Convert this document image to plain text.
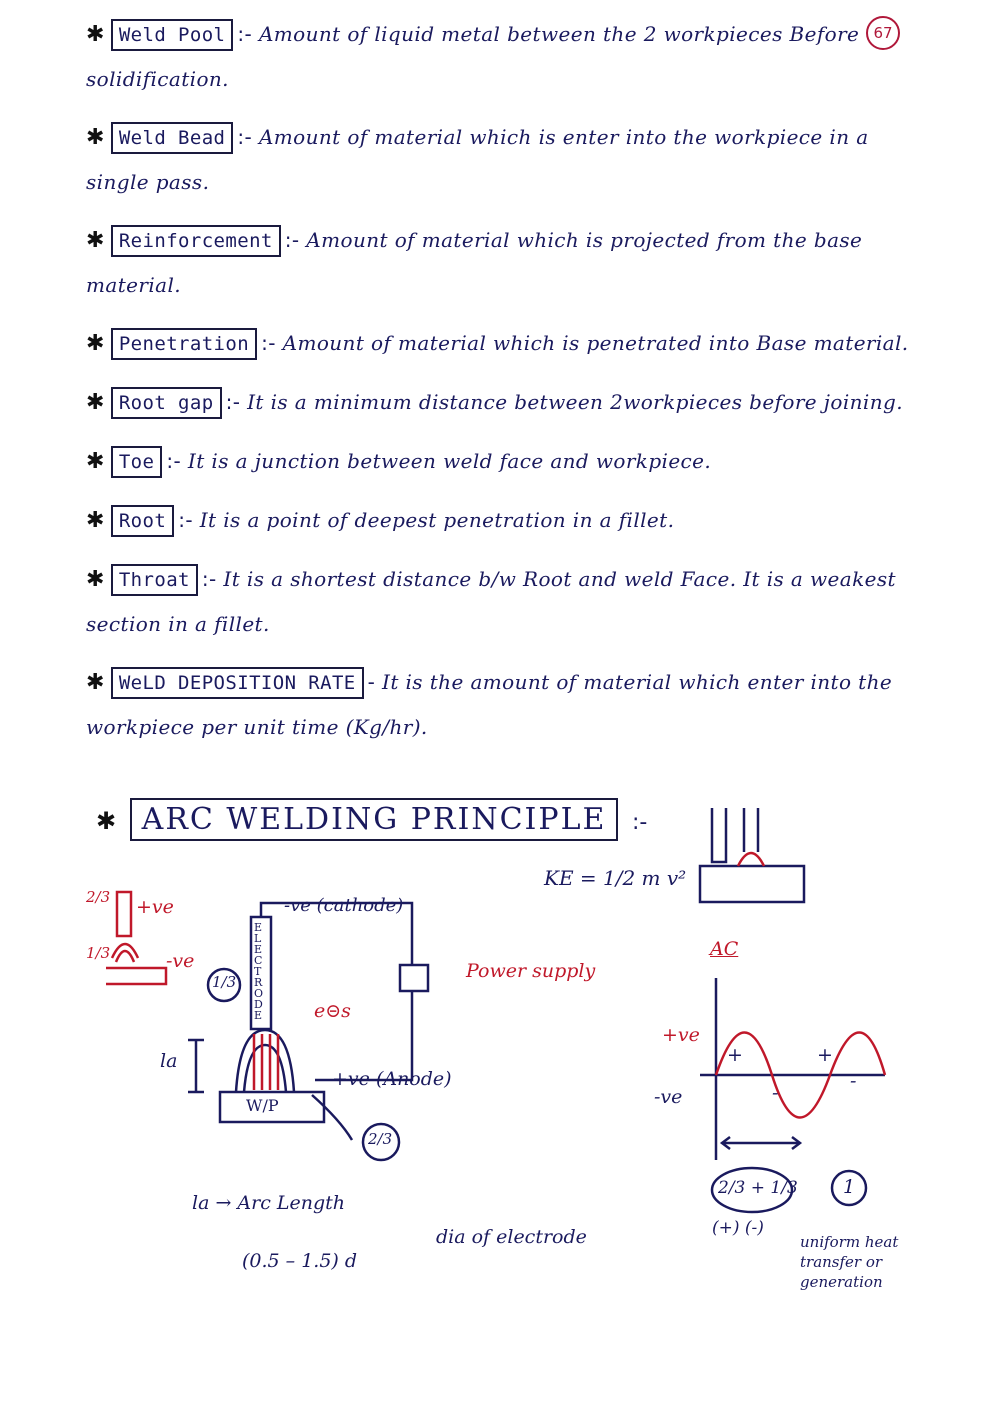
67
✱ Weld Pool :- Amount of liquid metal between the 2 workpieces Before solidification.
✱ Weld Bead :- Amount of material which is enter into the workpiece in a single pass.
✱ Reinforcement :- Amount of material which is projected from the base material.
✱ Penetration :- Amount of material which is penetrated into Base material.
✱ Root gap :- It is a minimum distance between 2workpieces before joining.
✱ Toe :- It is a junction between weld face and workpiece.
✱ Root :- It is a point of deepest penetration in a fillet.
✱ Throat :- It is a shortest distance b/w Root and weld Face. It is a weakest section in a fillet.
✱ WeLD DEPOSITION RATE - It is the amount of material which enter into the workpiece per unit time (Kg/hr).
✱ ARC WELDING PRINCIPLE :-
KE = 1/2 m v²
2/3 +ve
1/3	-ve
ELECTRODE
-ve (cathode)
Power supply
+ve (Anode)
W/P
e⊝s
1/3
2/3
la
la → Arc Length
(0.5 – 1.5) d
dia of electrode
AC
+ve
-ve
+	+
-
-
2/3 + 1/3
(+) (-)
1
uniform heat transfer or generation
